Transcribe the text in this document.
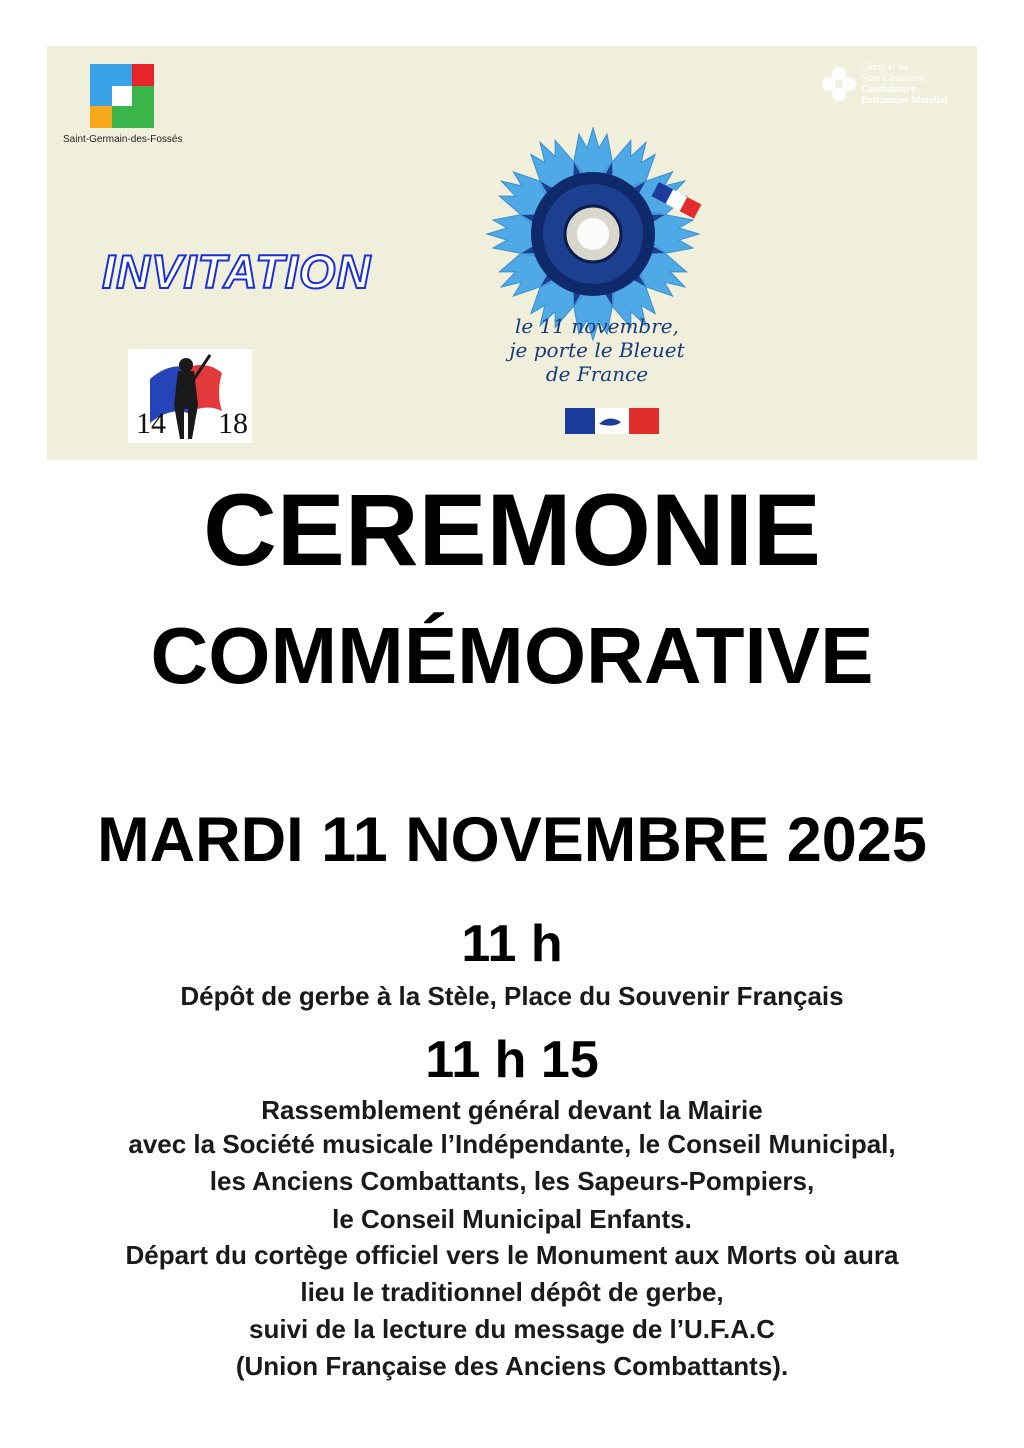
Saint-Germain-des-Fossés
Cluny et les
Sites Clunisiens
Candidature
Patrimoine Mondial
INVITATION
le 11 novembre,
je porte le Bleuet
de France
14 18
CEREMONIE
COMMÉMORATIVE
MARDI 11 NOVEMBRE 2025
11 h
Dépôt de gerbe à la Stèle, Place du Souvenir Français
11 h 15
Rassemblement général devant la Mairie
avec la Société musicale l’Indépendante, le Conseil Municipal,
les Anciens Combattants, les Sapeurs-Pompiers,
le Conseil Municipal Enfants.
Départ du cortège officiel vers le Monument aux Morts où aura
lieu le traditionnel dépôt de gerbe,
suivi de la lecture du message de l’U.F.A.C
(Union Française des Anciens Combattants).
